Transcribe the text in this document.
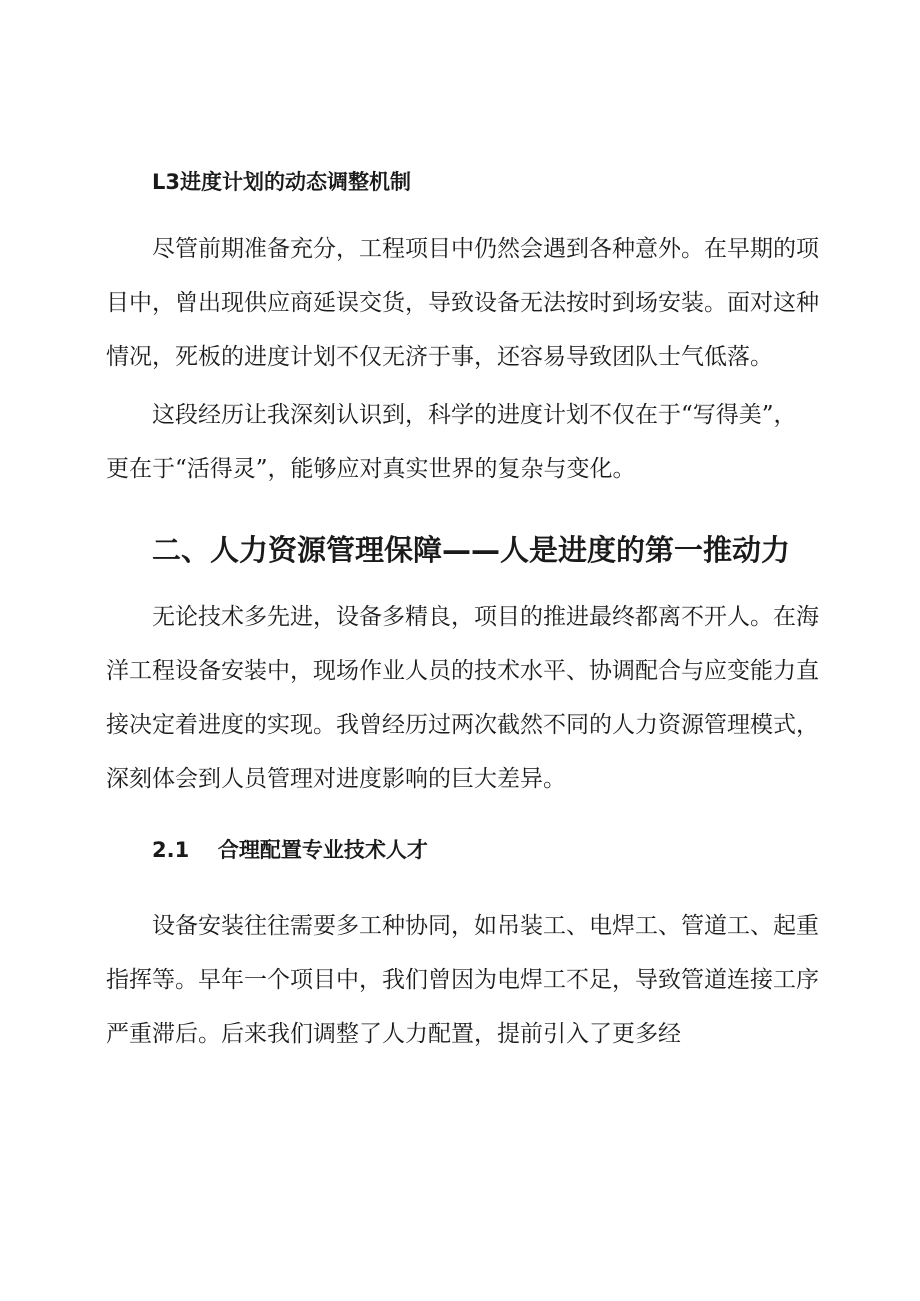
L3进度计划的动态调整机制
尽管前期准备充分，工程项目中仍然会遇到各种意外。在早期的项
目中，曾出现供应商延误交货，导致设备无法按时到场安装。面对这种
情况，死板的进度计划不仅无济于事，还容易导致团队士气低落。
这段经历让我深刻认识到，科学的进度计划不仅在于“写得美”，
更在于“活得灵”，能够应对真实世界的复杂与变化。
二、人力资源管理保障——人是进度的第一推动力
无论技术多先进，设备多精良，项目的推进最终都离不开人。在海
洋工程设备安装中，现场作业人员的技术水平、协调配合与应变能力直
接决定着进度的实现。我曾经历过两次截然不同的人力资源管理模式，
深刻体会到人员管理对进度影响的巨大差异。
2.1 合理配置专业技术人才
设备安装往往需要多工种协同，如吊装工、电焊工、管道工、起重
指挥等。早年一个项目中，我们曾因为电焊工不足，导致管道连接工序
严重滞后。后来我们调整了人力配置，提前引入了更多经
